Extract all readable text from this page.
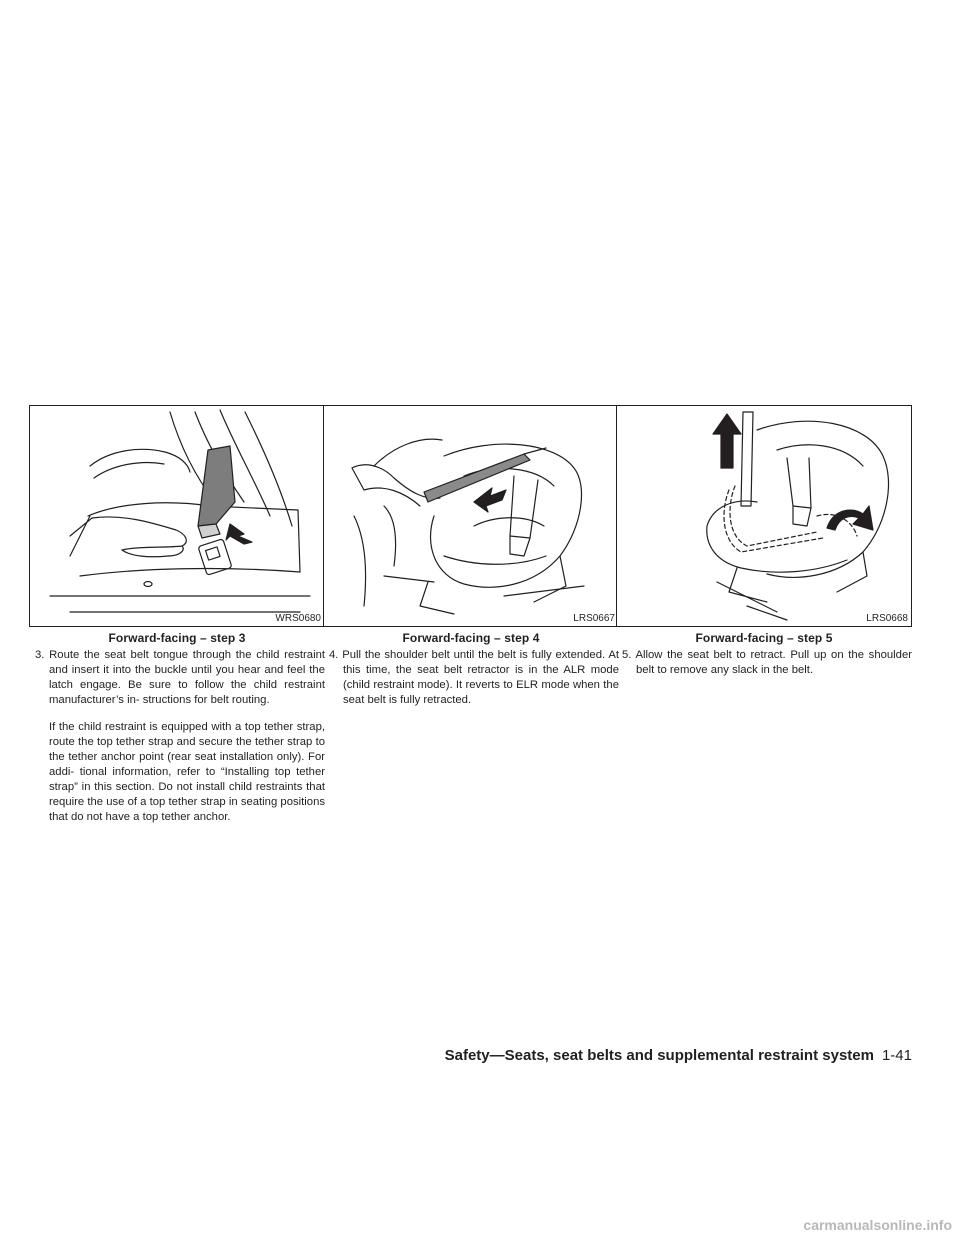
WRS0680
Forward-facing – step 3

3. Route the seat belt tongue through the child restraint and insert it into the buckle until you hear and feel the latch engage. Be sure to follow the child restraint manufacturer’s in- structions for belt routing.

If the child restraint is equipped with a top tether strap, route the top tether strap and secure the tether strap to the tether anchor point (rear seat installation only). For addi- tional information, refer to “Installing top tether strap” in this section. Do not install child restraints that require the use of a top tether strap in seating positions that do not have a top tether anchor.

LRS0667
Forward-facing – step 4

4. Pull the shoulder belt until the belt is fully extended. At this time, the seat belt retractor is in the ALR mode (child restraint mode). It reverts to ELR mode when the seat belt is fully retracted.

LRS0668
Forward-facing – step 5

5. Allow the seat belt to retract. Pull up on the shoulder belt to remove any slack in the belt.

Safety—Seats, seat belts and supplemental restraint system 1-41
carmanualsonline.info
